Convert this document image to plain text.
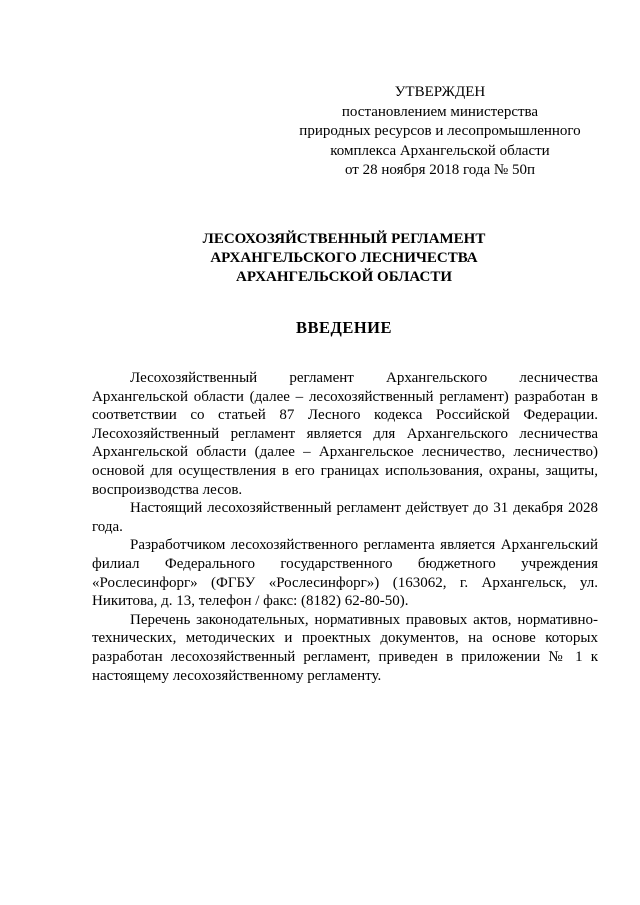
УТВЕРЖДЕН
постановлением министерства
природных ресурсов и лесопромышленного
комплекса Архангельской области
от 28 ноября 2018 года № 50п
ЛЕСОХОЗЯЙСТВЕННЫЙ РЕГЛАМЕНТ
АРХАНГЕЛЬСКОГО ЛЕСНИЧЕСТВА
АРХАНГЕЛЬСКОЙ ОБЛАСТИ
ВВЕДЕНИЕ

Лесохозяйственный регламент Архангельского лесничества Архангельской области (далее – лесохозяйственный регламент) разработан в соответствии со статьей 87 Лесного кодекса Российской Федерации. Лесохозяйственный регламент является для Архангельского лесничества Архангельской области (далее – Архангельское лесничество, лесничество) основой для осуществления в его границах использования, охраны, защиты, воспроизводства лесов.

Настоящий лесохозяйственный регламент действует до 31 декабря 2028 года.

Разработчиком лесохозяйственного регламента является Архангельский филиал Федерального государственного бюджетного учреждения «Рослесинфорг» (ФГБУ «Рослесинфорг») (163062, г. Архангельск, ул. Никитова, д. 13, телефон / факс: (8182) 62-80-50).

Перечень законодательных, нормативных правовых актов, нормативно-технических, методических и проектных документов, на основе которых разработан лесохозяйственный регламент, приведен в приложении № 1 к настоящему лесохозяйственному регламенту.
